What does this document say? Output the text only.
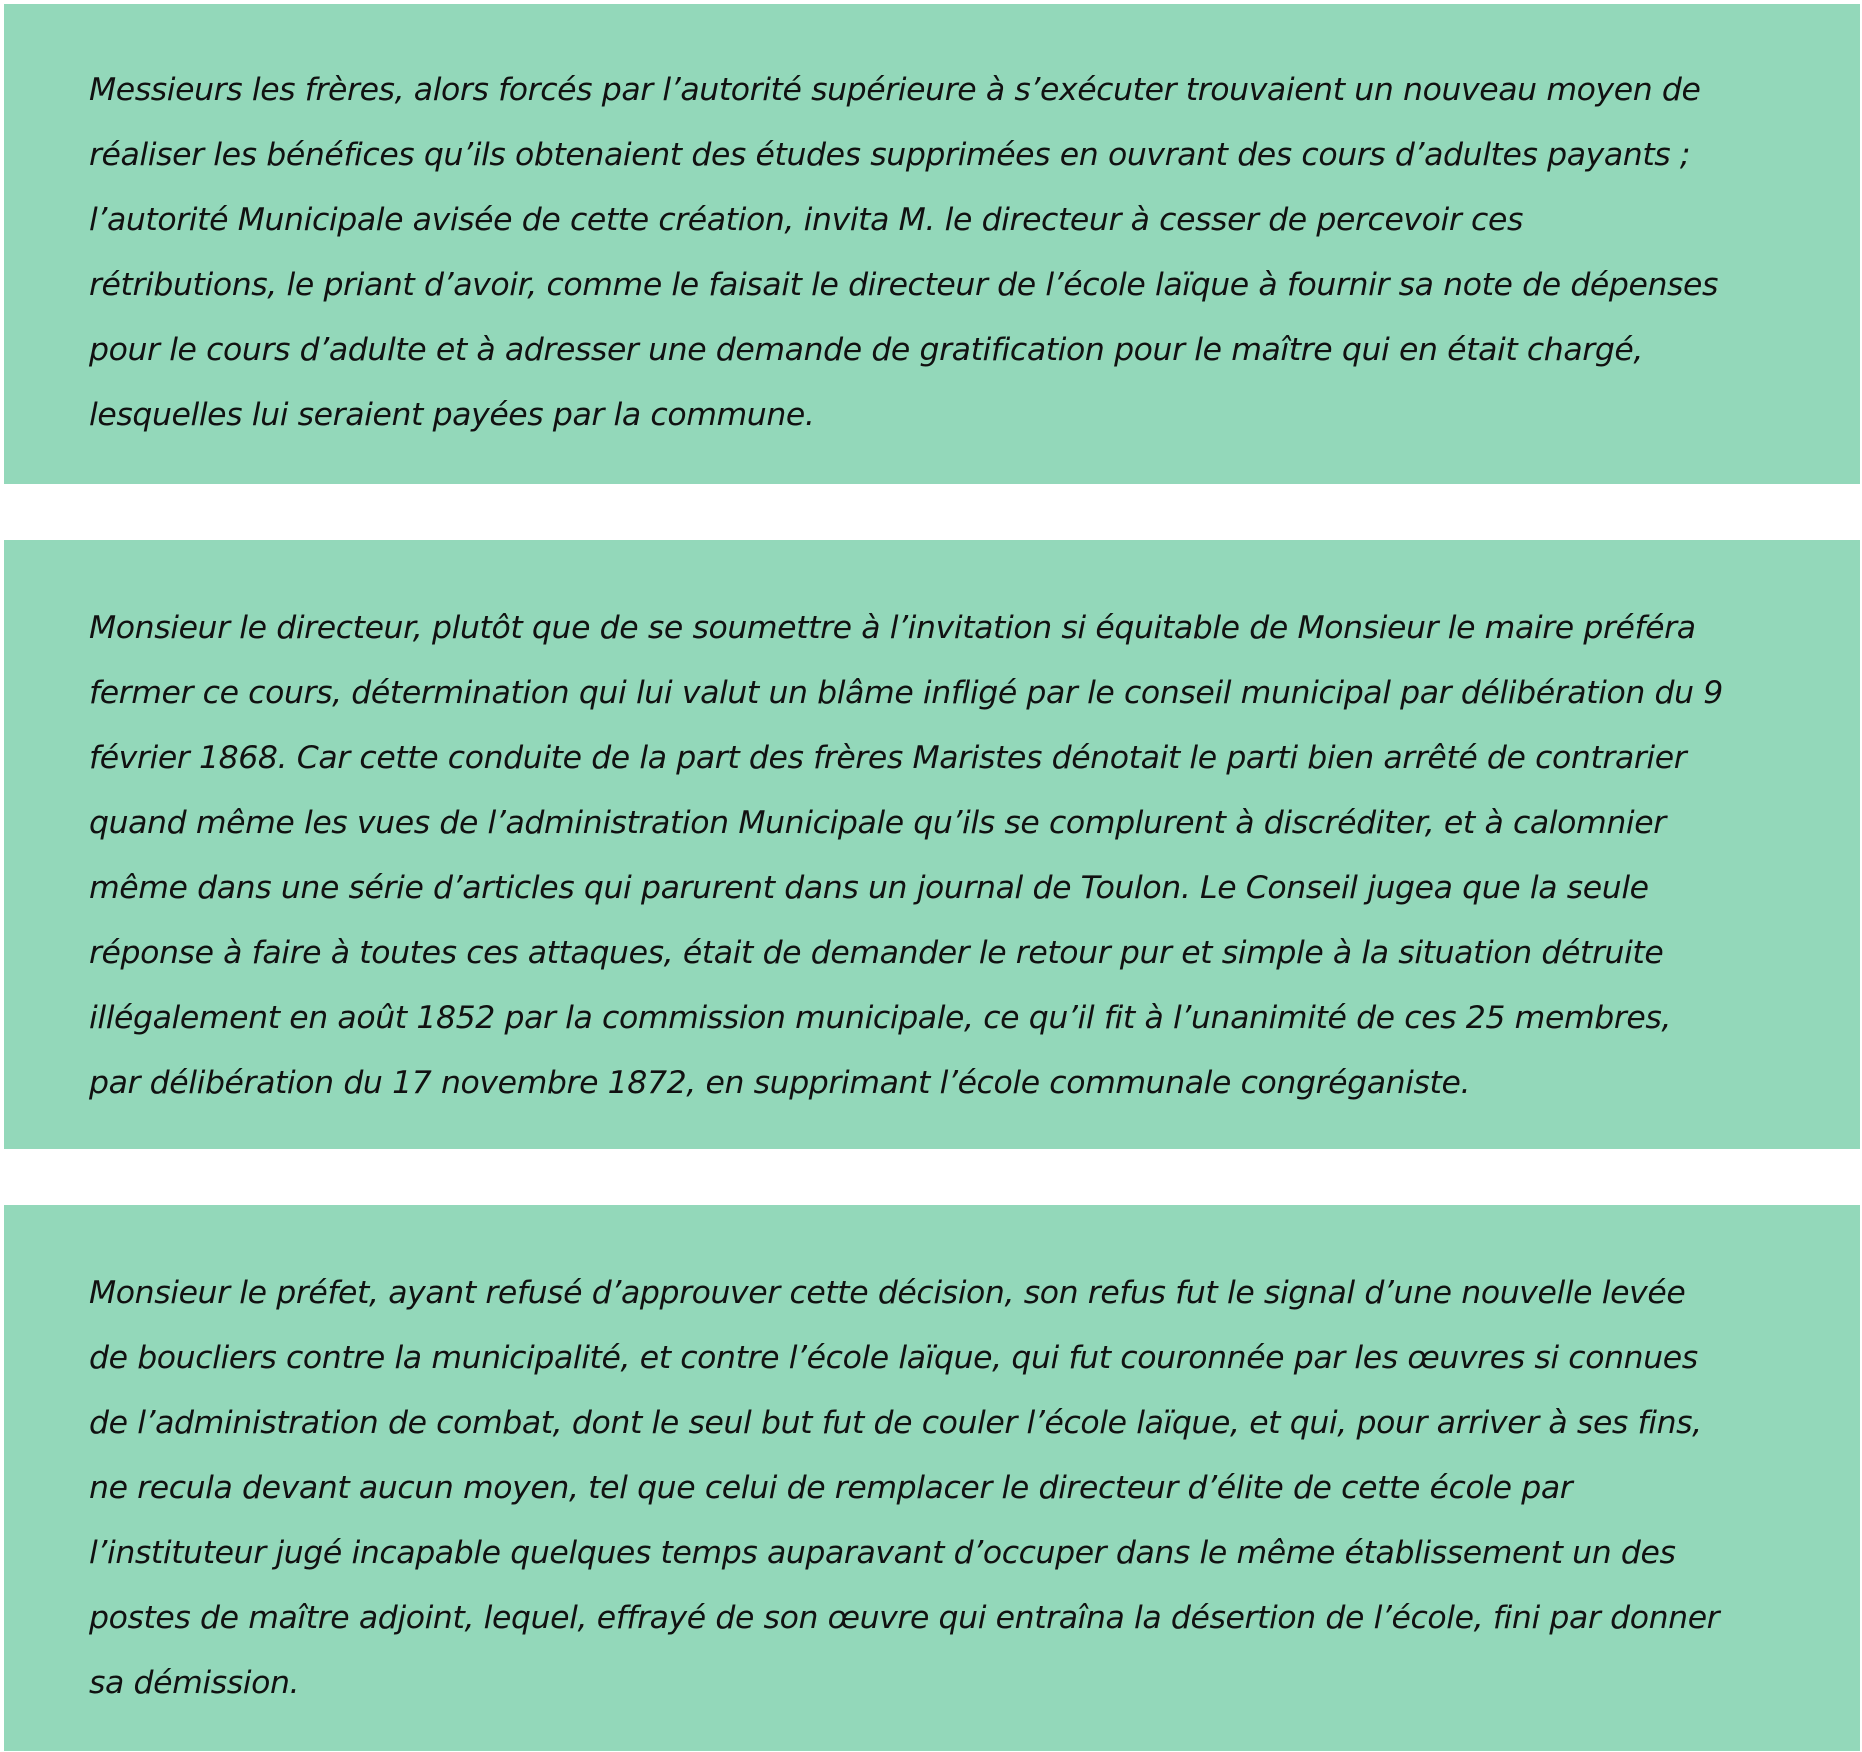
Messieurs les frères, alors forcés par l’autorité supérieure à s’exécuter trouvaient un nouveau moyen de
réaliser les bénéfices qu’ils obtenaient des études supprimées en ouvrant des cours d’adultes payants ;
l’autorité Municipale avisée de cette création, invita M. le directeur à cesser de percevoir ces
rétributions, le priant d’avoir, comme le faisait le directeur de l’école laïque à fournir sa note de dépenses
pour le cours d’adulte et à adresser une demande de gratification pour le maître qui en était chargé,
lesquelles lui seraient payées par la commune.

Monsieur le directeur, plutôt que de se soumettre à l’invitation si équitable de Monsieur le maire préféra
fermer ce cours, détermination qui lui valut un blâme infligé par le conseil municipal par délibération du 9
février 1868. Car cette conduite de la part des frères Maristes dénotait le parti bien arrêté de contrarier
quand même les vues de l’administration Municipale qu’ils se complurent à discréditer, et à calomnier
même dans une série d’articles qui parurent dans un journal de Toulon. Le Conseil jugea que la seule
réponse à faire à toutes ces attaques, était de demander le retour pur et simple à la situation détruite
illégalement en août 1852 par la commission municipale, ce qu’il fit à l’unanimité de ces 25 membres,
par délibération du 17 novembre 1872, en supprimant l’école communale congréganiste.

Monsieur le préfet, ayant refusé d’approuver cette décision, son refus fut le signal d’une nouvelle levée
de boucliers contre la municipalité, et contre l’école laïque, qui fut couronnée par les œuvres si connues
de l’administration de combat, dont le seul but fut de couler l’école laïque, et qui, pour arriver à ses fins,
ne recula devant aucun moyen, tel que celui de remplacer le directeur d’élite de cette école par
l’instituteur jugé incapable quelques temps auparavant d’occuper dans le même établissement un des
postes de maître adjoint, lequel, effrayé de son œuvre qui entraîna la désertion de l’école, fini par donner
sa démission.
